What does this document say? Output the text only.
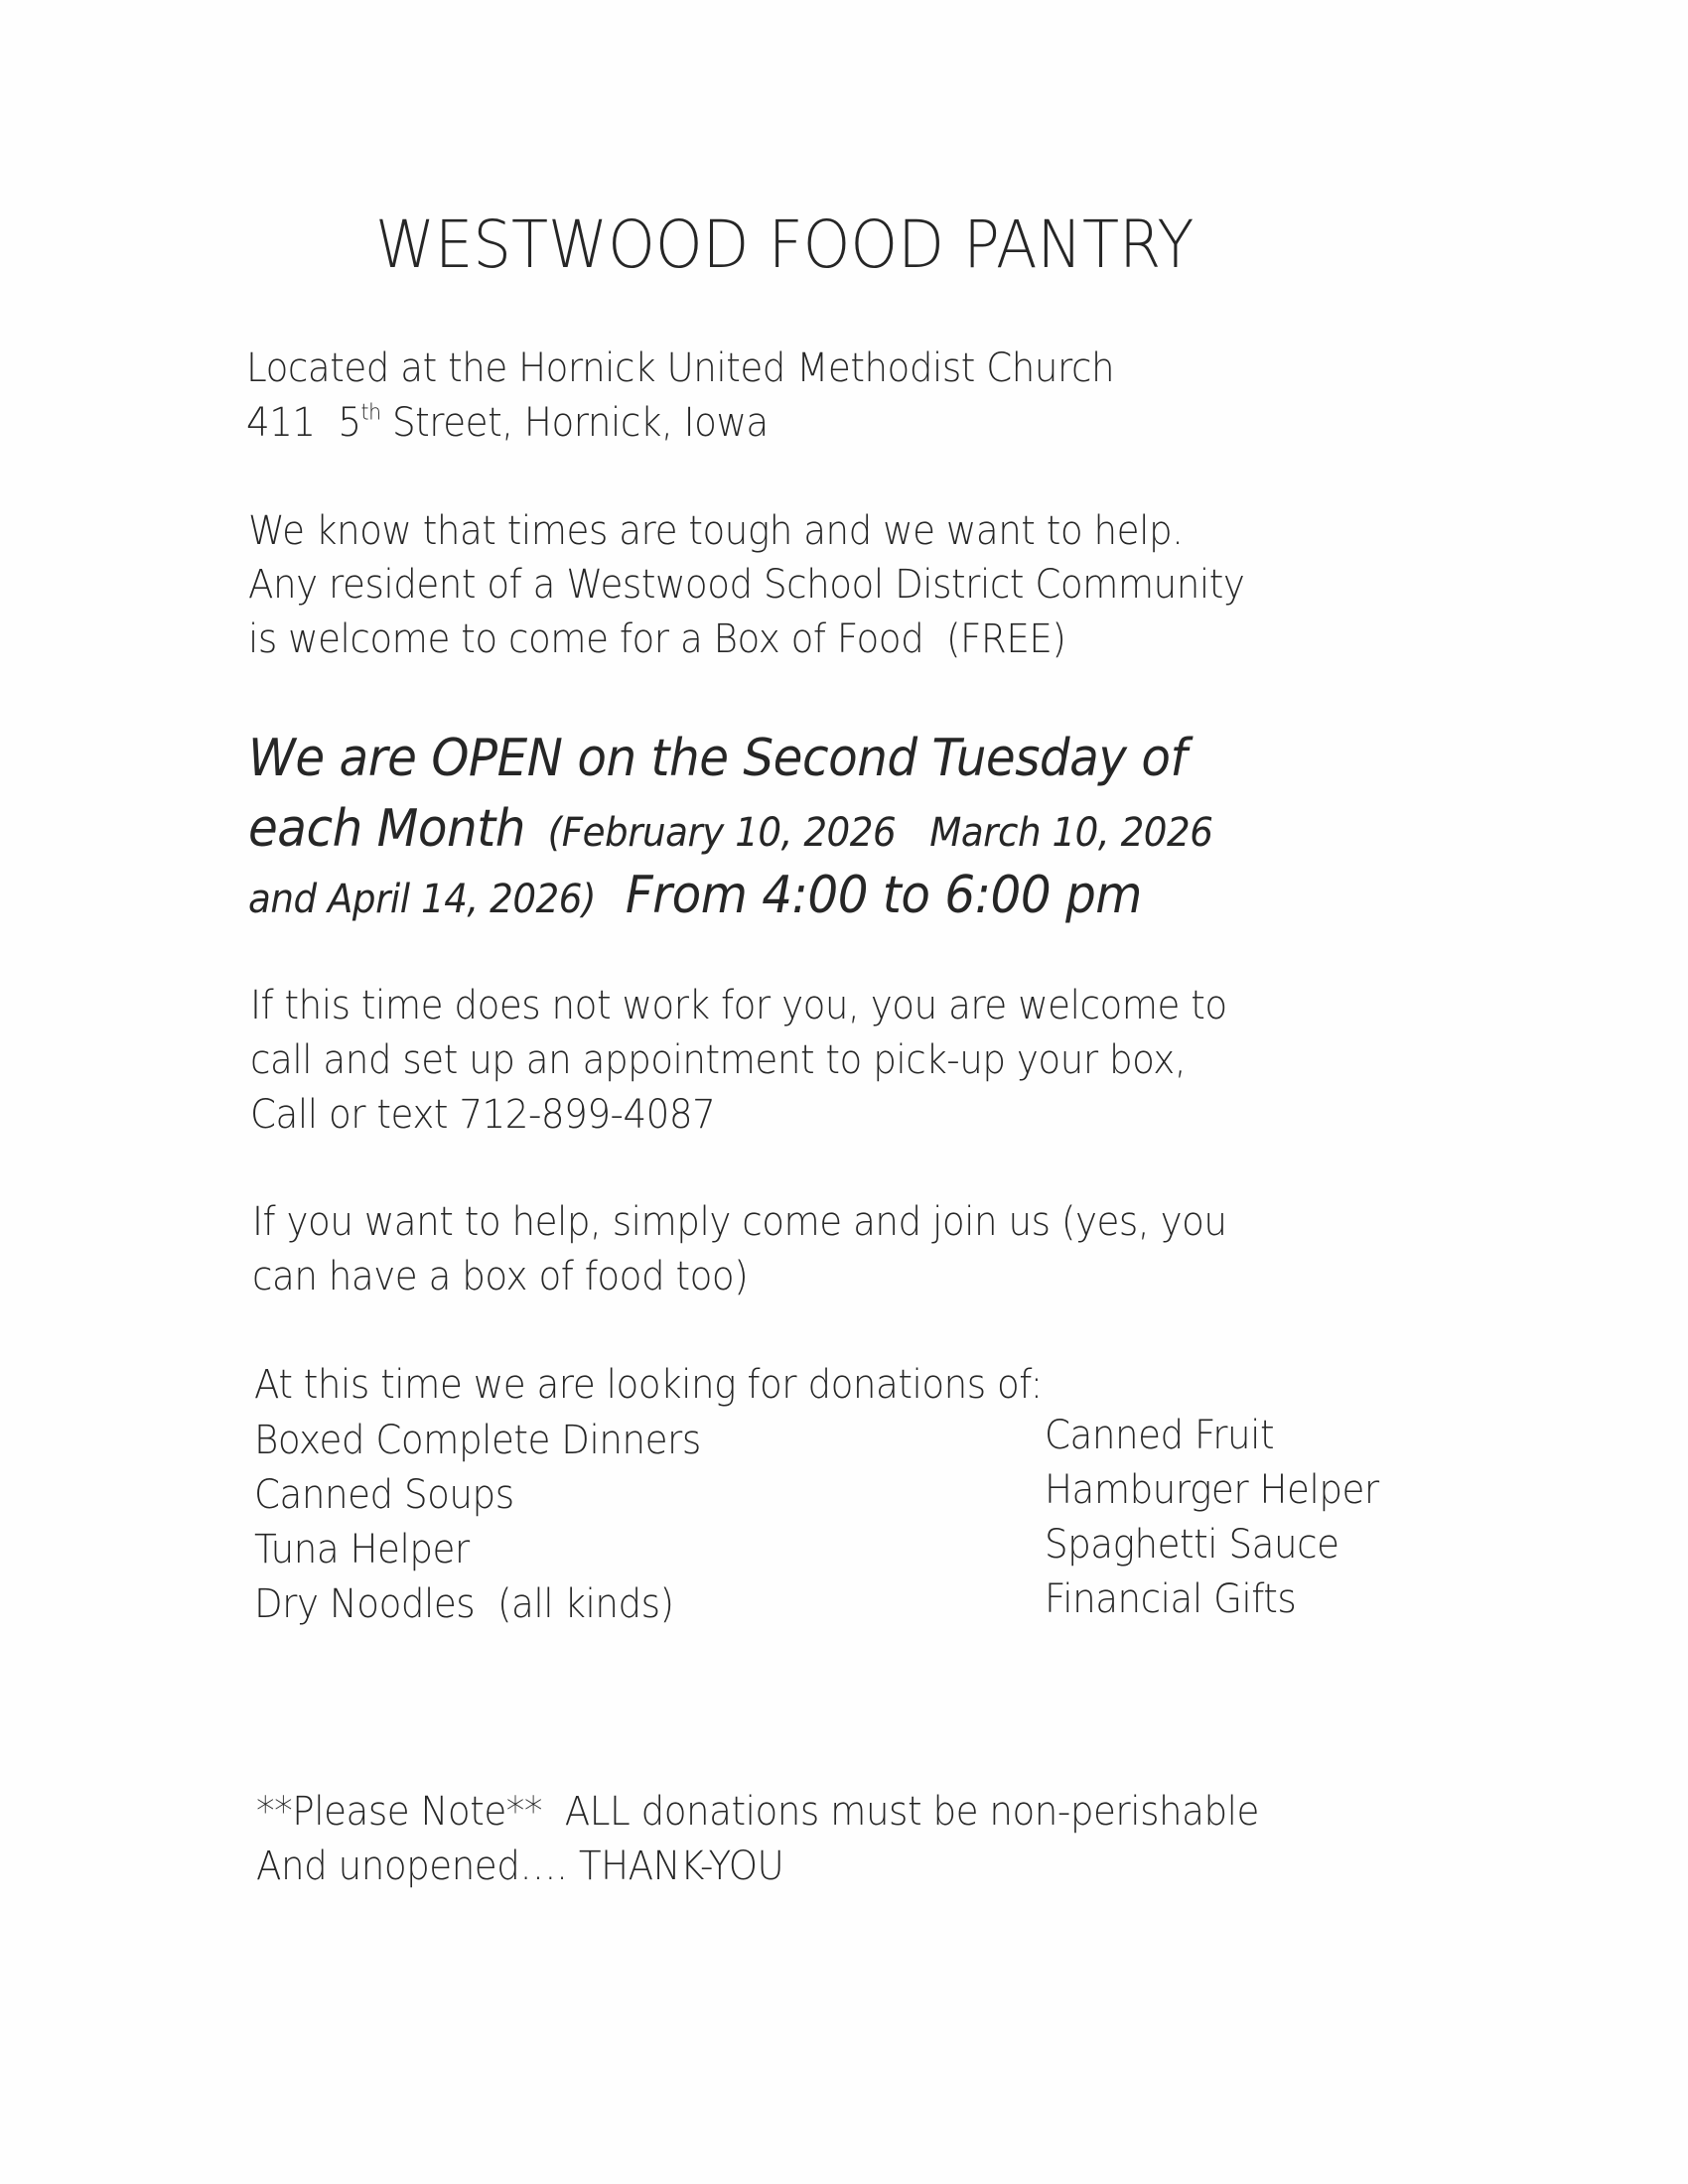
WESTWOOD FOOD PANTRY
Located at the Hornick United Methodist Church
411  5th Street, Hornick, Iowa
We know that times are tough and we want to help.
Any resident of a Westwood School District Community
is welcome to come for a Box of Food  (FREE)
We are OPEN on the Second Tuesday of
each Month  (February 10, 2026   March 10, 2026
and April 14, 2026)  From 4:00 to 6:00 pm
If this time does not work for you, you are welcome to
call and set up an appointment to pick-up your box,
Call or text 712-899-4087
If you want to help, simply come and join us (yes, you
can have a box of food too)
At this time we are looking for donations of:
Boxed Complete Dinners
Canned Soups
Tuna Helper
Dry Noodles  (all kinds)
Canned Fruit
Hamburger Helper
Spaghetti Sauce
Financial Gifts
**Please Note**  ALL donations must be non-perishable
And unopened…. THANK-YOU
